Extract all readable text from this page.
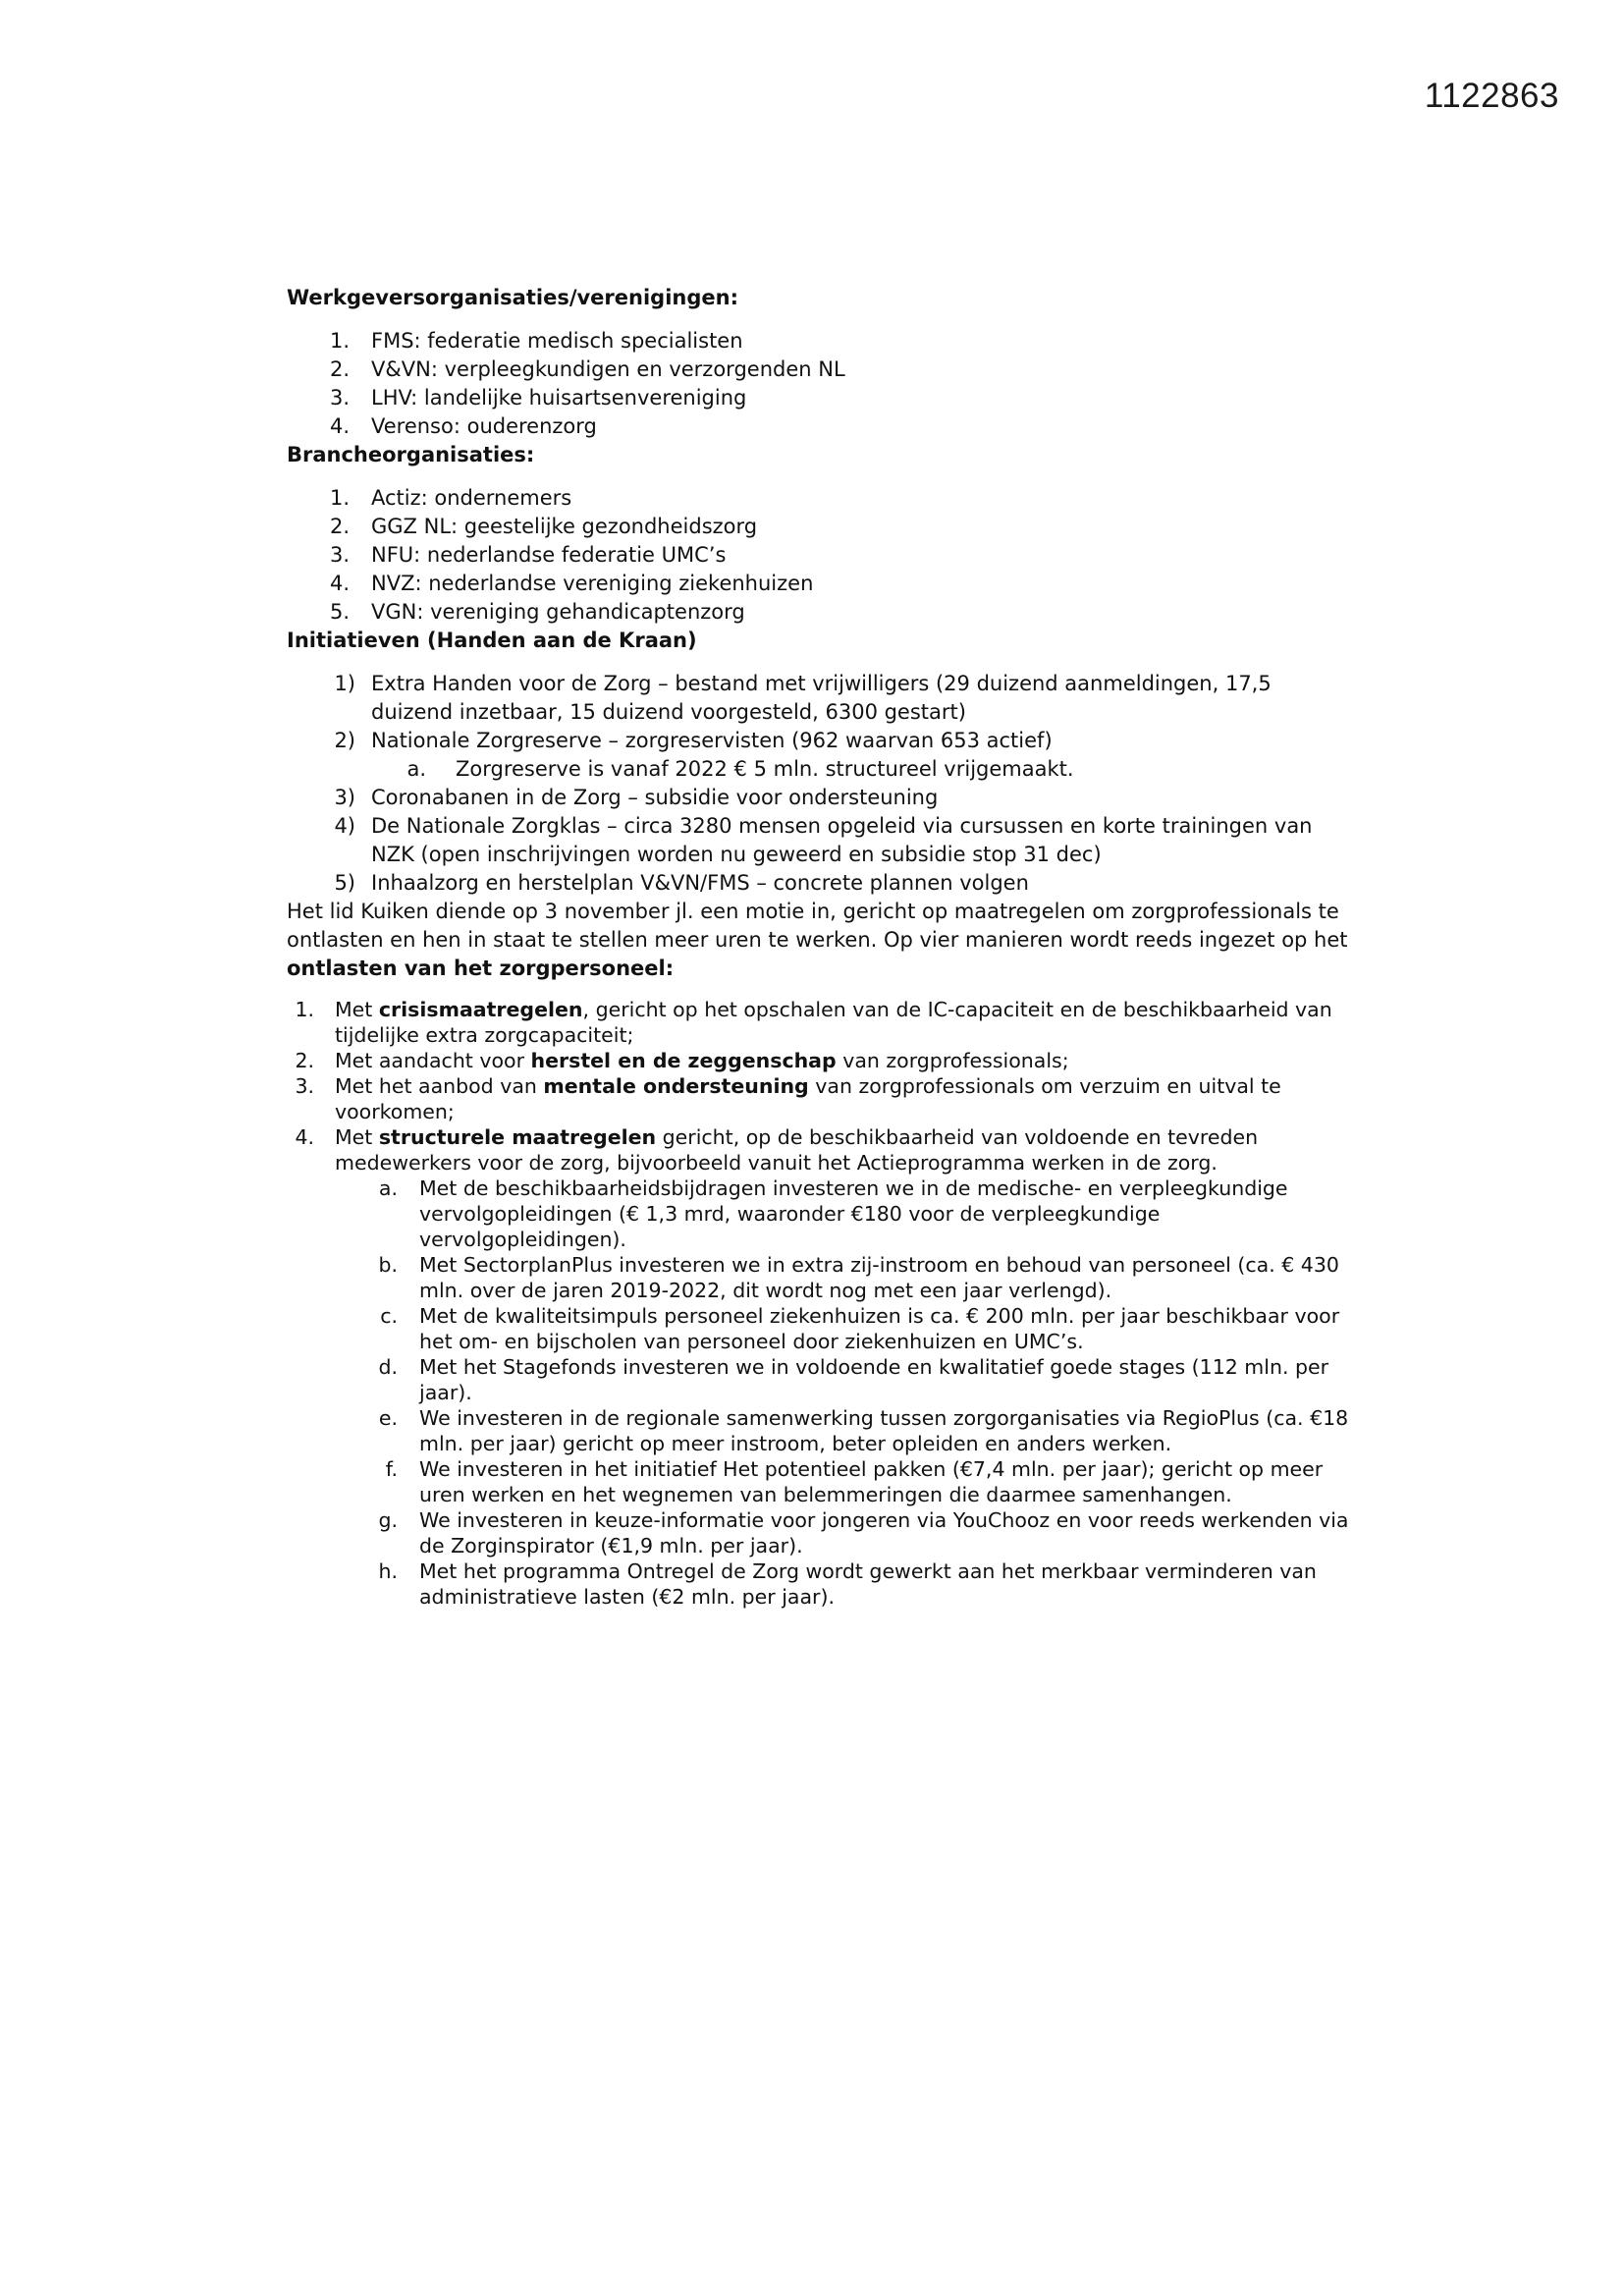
1122863
Werkgeversorganisaties/verenigingen:
1. FMS: federatie medisch specialisten
2. V&VN: verpleegkundigen en verzorgenden NL
3. LHV: landelijke huisartsenvereniging
4. Verenso: ouderenzorg
Brancheorganisaties:
1. Actiz: ondernemers
2. GGZ NL: geestelijke gezondheidszorg
3. NFU: nederlandse federatie UMC’s
4. NVZ: nederlandse vereniging ziekenhuizen
5. VGN: vereniging gehandicaptenzorg
Initiatieven (Handen aan de Kraan)
1) Extra Handen voor de Zorg – bestand met vrijwilligers (29 duizend aanmeldingen, 17,5 duizend inzetbaar, 15 duizend voorgesteld, 6300 gestart)
2) Nationale Zorgreserve – zorgreservisten (962 waarvan 653 actief)
a. Zorgreserve is vanaf 2022 € 5 mln. structureel vrijgemaakt.
3) Coronabanen in de Zorg – subsidie voor ondersteuning
4) De Nationale Zorgklas – circa 3280 mensen opgeleid via cursussen en korte trainingen van NZK (open inschrijvingen worden nu geweerd en subsidie stop 31 dec)
5) Inhaalzorg en herstelplan V&VN/FMS – concrete plannen volgen

Het lid Kuiken diende op 3 november jl. een motie in, gericht op maatregelen om zorgprofessionals te ontlasten en hen in staat te stellen meer uren te werken. Op vier manieren wordt reeds ingezet op het ontlasten van het zorgpersoneel:

1. Met crisismaatregelen, gericht op het opschalen van de IC-capaciteit en de beschikbaarheid van tijdelijke extra zorgcapaciteit;
2. Met aandacht voor herstel en de zeggenschap van zorgprofessionals;
3. Met het aanbod van mentale ondersteuning van zorgprofessionals om verzuim en uitval te voorkomen;
4. Met structurele maatregelen gericht, op de beschikbaarheid van voldoende en tevreden medewerkers voor de zorg, bijvoorbeeld vanuit het Actieprogramma werken in de zorg.
a. Met de beschikbaarheidsbijdragen investeren we in de medische- en verpleegkundige vervolgopleidingen (€ 1,3 mrd, waaronder €180 voor de verpleegkundige vervolgopleidingen).
b. Met SectorplanPlus investeren we in extra zij-instroom en behoud van personeel (ca. € 430 mln. over de jaren 2019-2022, dit wordt nog met een jaar verlengd).
c. Met de kwaliteitsimpuls personeel ziekenhuizen is ca. € 200 mln. per jaar beschikbaar voor het om- en bijscholen van personeel door ziekenhuizen en UMC’s.
d. Met het Stagefonds investeren we in voldoende en kwalitatief goede stages (112 mln. per jaar).
e. We investeren in de regionale samenwerking tussen zorgorganisaties via RegioPlus (ca. €18 mln. per jaar) gericht op meer instroom, beter opleiden en anders werken.
f. We investeren in het initiatief Het potentieel pakken (€7,4 mln. per jaar); gericht op meer uren werken en het wegnemen van belemmeringen die daarmee samenhangen.
g. We investeren in keuze-informatie voor jongeren via YouChooz en voor reeds werkenden via de Zorginspirator (€1,9 mln. per jaar).
h. Met het programma Ontregel de Zorg wordt gewerkt aan het merkbaar verminderen van administratieve lasten (€2 mln. per jaar).
